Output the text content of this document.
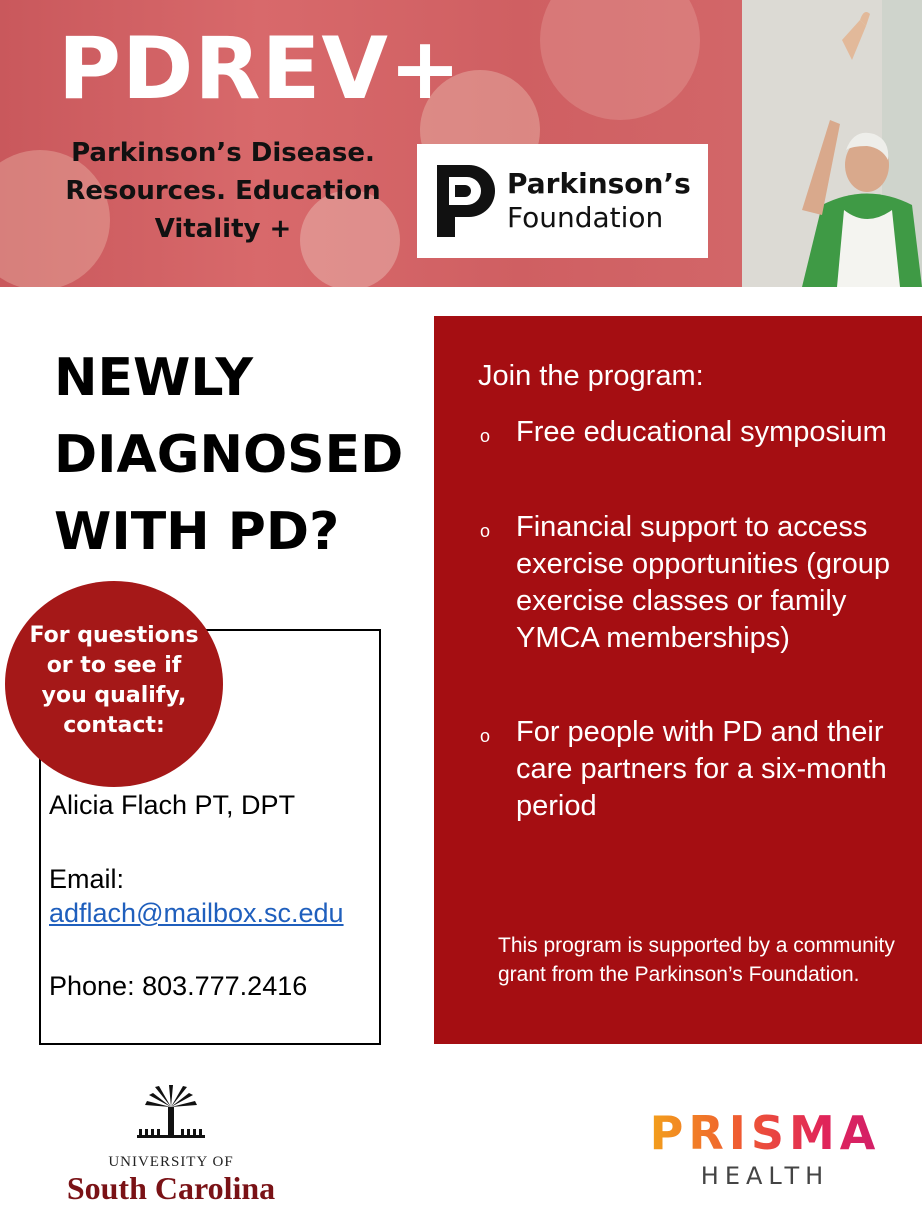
PDREV+
Parkinson’s Disease.
Resources. Education
Vitality +
Parkinson’s
Foundation
NEWLY
DIAGNOSED
WITH PD?
For questions or to see if you qualify, contact:
Alicia Flach PT, DPT
Email:
adflach@mailbox.sc.edu
Phone: 803.777.2416
Join the program:
o Free educational symposium
o Financial support to access exercise opportunities (group exercise classes or family YMCA memberships)
o For people with PD and their care partners for a six-month period
This program is supported by a community grant from the Parkinson’s Foundation.
UNIVERSITY OF
South Carolina
PRISMA
HEALTH
